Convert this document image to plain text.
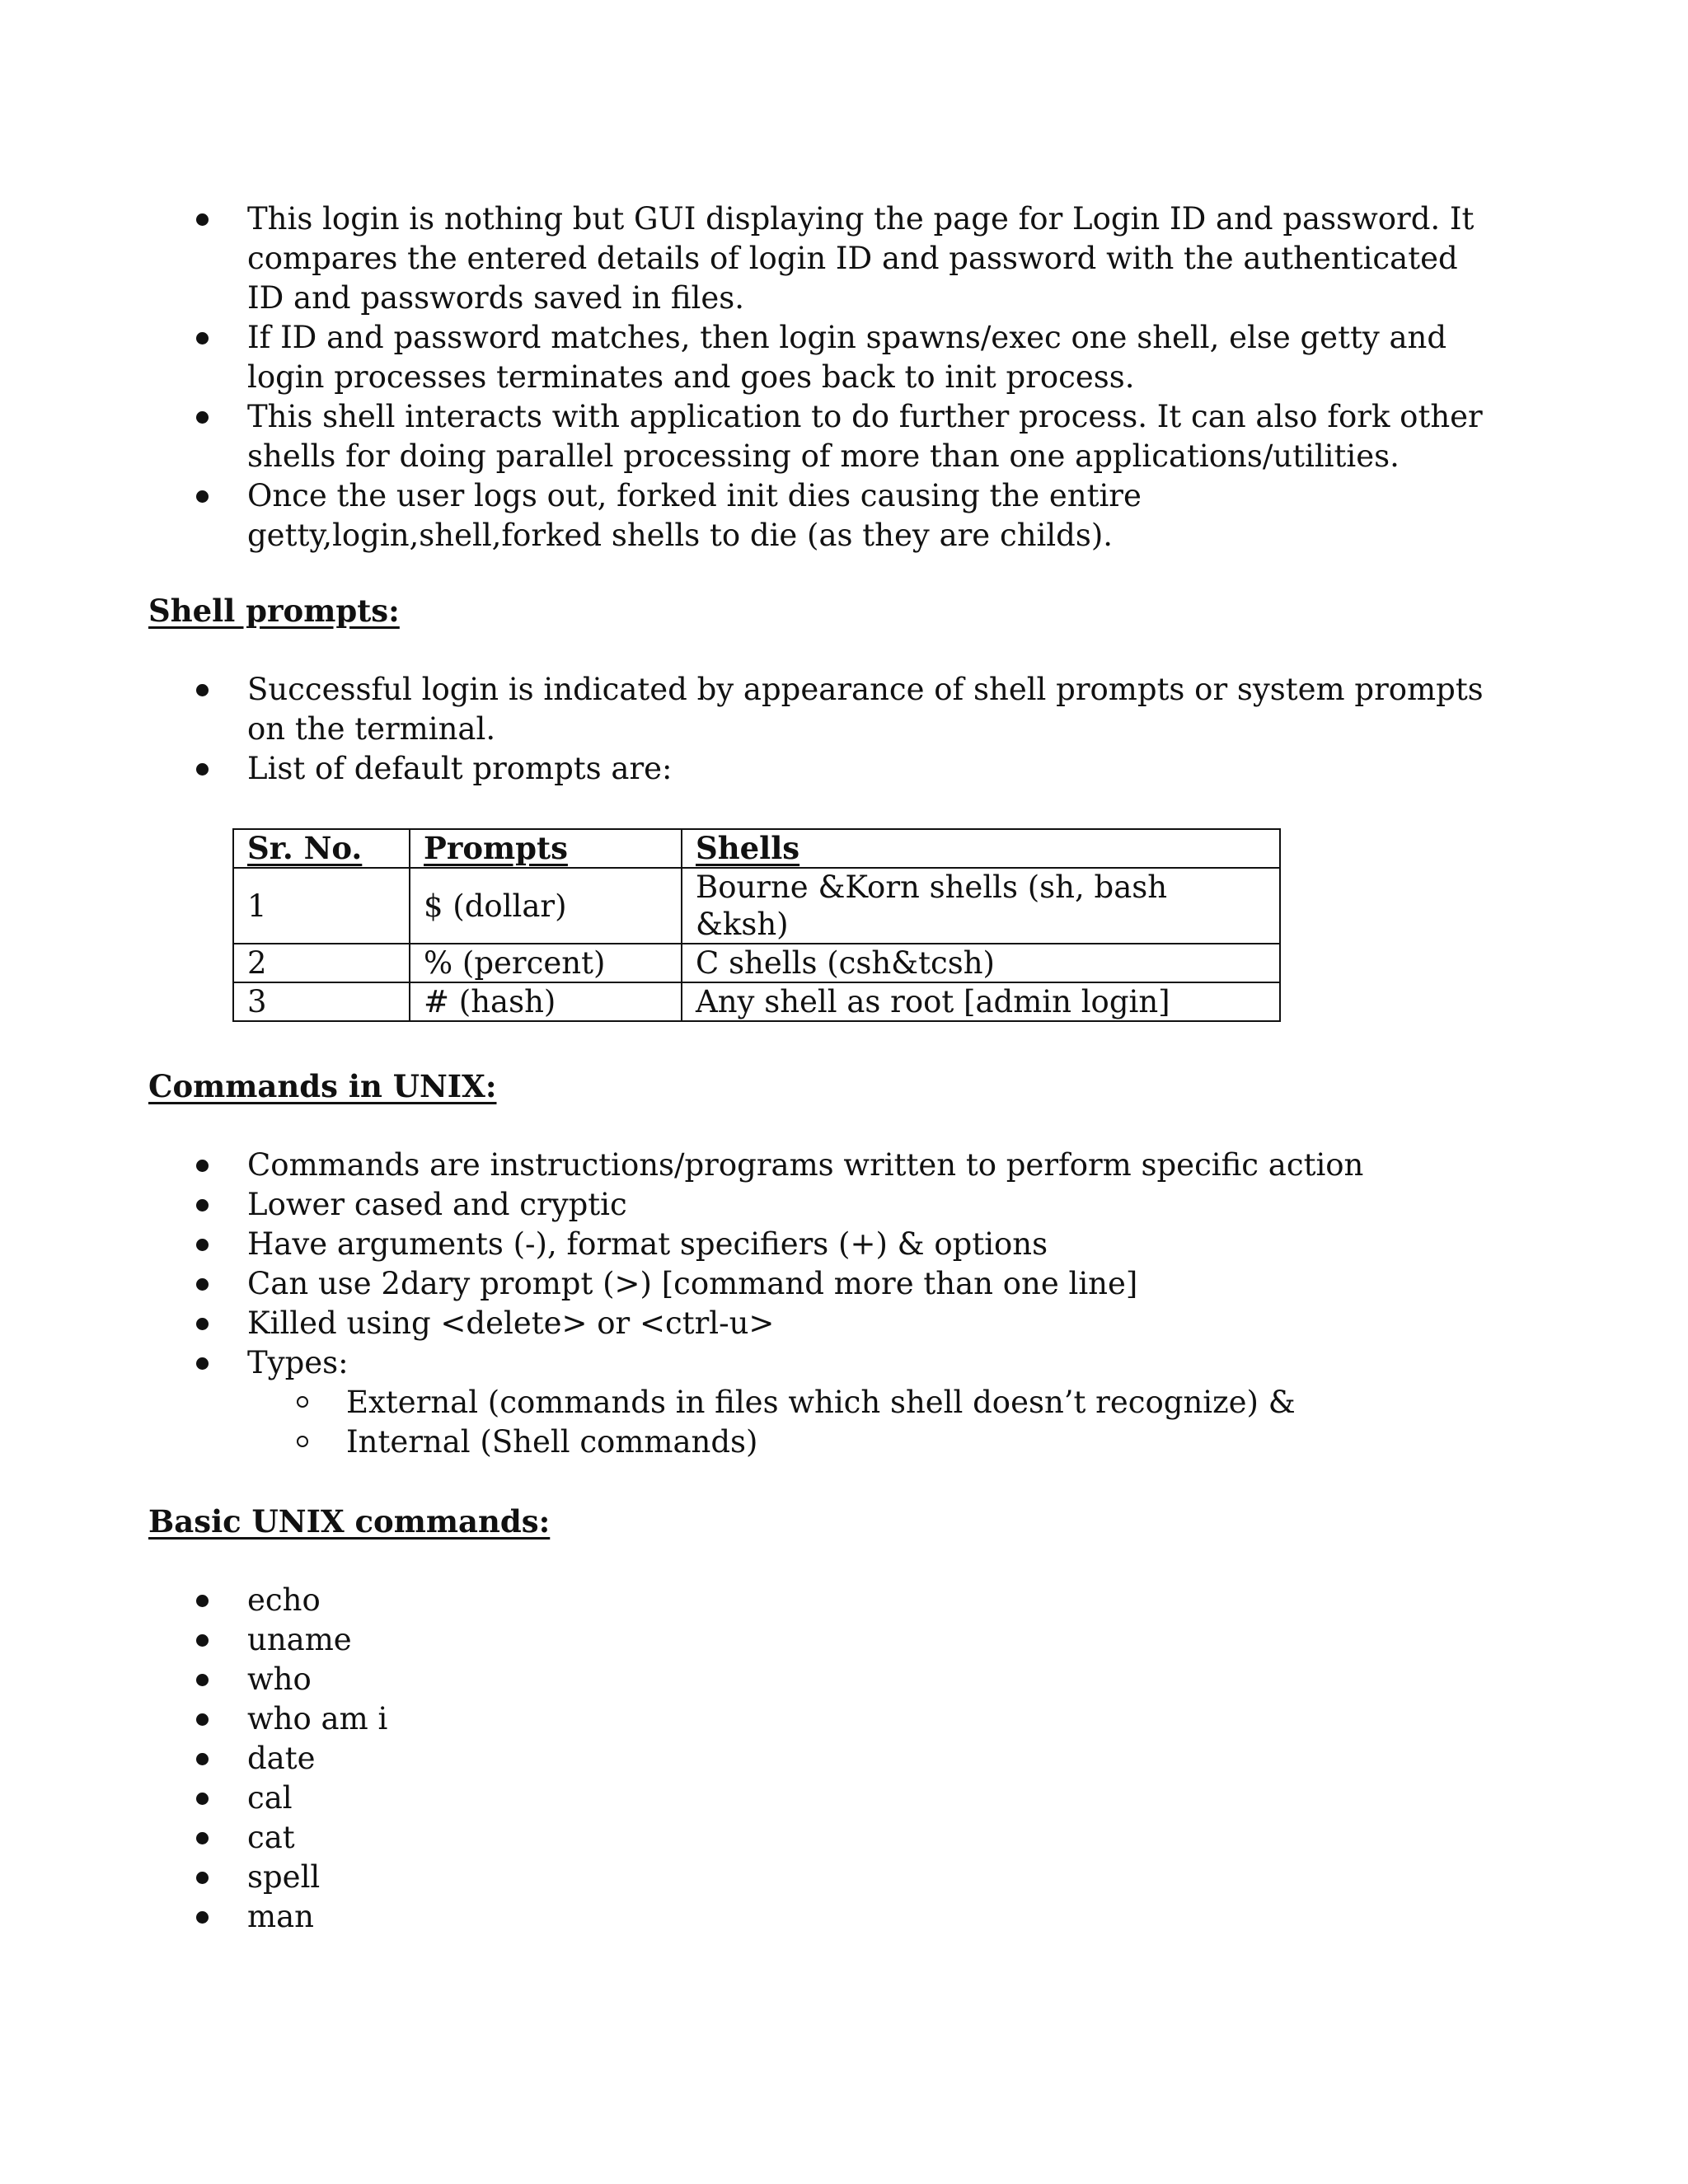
This login is nothing but GUI displaying the page for Login ID and password. It compares the entered details of login ID and password with the authenticated ID and passwords saved in files.
If ID and password matches, then login spawns/exec one shell, else getty and login processes terminates and goes back to init process.
This shell interacts with application to do further process. It can also fork other shells for doing parallel processing of more than one applications/utilities.
Once the user logs out, forked init dies causing the entire getty,login,shell,forked shells to die (as they are childs).
Shell prompts:
Successful login is indicated by appearance of shell prompts or system prompts on the terminal.
List of default prompts are:
Sr. No.	Prompts	Shells
1	$ (dollar)	Bourne &Korn shells (sh, bash &ksh)
2	% (percent)	C shells (csh&tcsh)
3	# (hash)	Any shell as root [admin login]
Commands in UNIX:
Commands are instructions/programs written to perform specific action
Lower cased and cryptic
Have arguments (-), format specifiers (+) & options
Can use 2dary prompt (>) [command more than one line]
Killed using <delete> or <ctrl-u>
Types:
External (commands in files which shell doesn’t recognize) &
Internal (Shell commands)
Basic UNIX commands:
echo
uname
who
who am i
date
cal
cat
spell
man
